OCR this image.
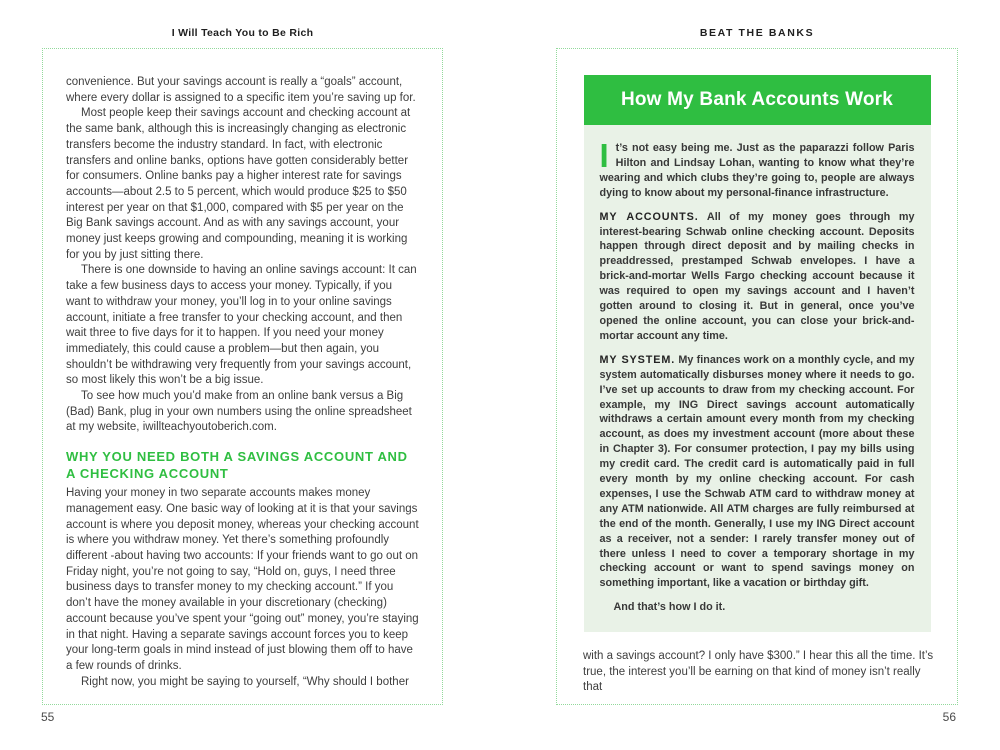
I Will Teach You to Be Rich	BEAT THE BANKS

convenience. But your savings account is really a “goals” account, where every dollar is assigned to a specific item you’re saving up for.

Most people keep their savings account and checking account at the same bank, although this is increasingly changing as electronic transfers become the industry standard. In fact, with electronic transfers and online banks, options have gotten considerably better for consumers. Online banks pay a higher interest rate for savings accounts—about 2.5 to 5 percent, which would produce $25 to $50 interest per year on that $1,000, compared with $5 per year on the Big Bank savings account. And as with any savings account, your money just keeps growing and compounding, meaning it is working for you by just sitting there.

There is one downside to having an online savings account: It can take a few business days to access your money. Typically, if you want to withdraw your money, you’ll log in to your online savings account, initiate a free transfer to your checking account, and then wait three to five days for it to happen. If you need your money immediately, this could cause a problem—but then again, you shouldn’t be withdrawing very frequently from your savings account, so most likely this won’t be a big issue.

To see how much you’d make from an online bank versus a Big (Bad) Bank, plug in your own numbers using the online spreadsheet at my website, iwillteachyoutoberich.com.

WHY YOU NEED BOTH A SAVINGS ACCOUNT AND A CHECKING ACCOUNT

Having your money in two separate accounts makes money management easy. One basic way of looking at it is that your savings account is where you deposit money, whereas your checking account is where you withdraw money. Yet there’s something profoundly different -about having two accounts: If your friends want to go out on Friday night, you’re not going to say, “Hold on, guys, I need three business days to transfer money to my checking account.” If you don’t have the money available in your discretionary (checking) account because you’ve spent your “going out” money, you’re staying in that night. Having a separate savings account forces you to keep your long-term goals in mind instead of just blowing them off to have a few rounds of drinks.

Right now, you might be saying to yourself, “Why should I bother

How My Bank Accounts Work

It’s not easy being me. Just as the paparazzi follow Paris Hilton and Lindsay Lohan, wanting to know what they’re wearing and which clubs they’re going to, people are always dying to know about my personal-finance infrastructure.

MY ACCOUNTS. All of my money goes through my interest-bearing Schwab online checking account. Deposits happen through direct deposit and by mailing checks in preaddressed, prestamped Schwab envelopes. I have a brick-and-mortar Wells Fargo checking account because it was required to open my savings account and I haven’t gotten around to closing it. But in general, once you’ve opened the online account, you can close your brick-and-mortar account any time.

MY SYSTEM. My finances work on a monthly cycle, and my system automatically disburses money where it needs to go. I’ve set up accounts to draw from my checking account. For example, my ING Direct savings account automatically withdraws a certain amount every month from my checking account, as does my investment account (more about these in Chapter 3). For consumer protection, I pay my bills using my credit card. The credit card is automatically paid in full every month by my online checking account. For cash expenses, I use the Schwab ATM card to withdraw money at any ATM nationwide. All ATM charges are fully reimbursed at the end of the month. Generally, I use my ING Direct account as a receiver, not a sender: I rarely transfer money out of there unless I need to cover a temporary shortage in my checking account or want to spend savings money on something important, like a vacation or birthday gift.

And that’s how I do it.

with a savings account? I only have $300.” I hear this all the time. It’s true, the interest you’ll be earning on that kind of money isn’t really that

55	56
